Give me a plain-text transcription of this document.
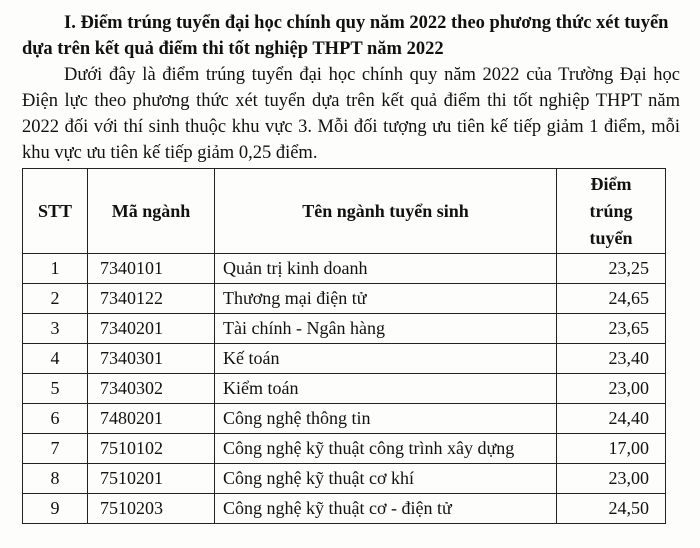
I. Điểm trúng tuyển đại học chính quy năm 2022 theo phương thức xét tuyển dựa trên kết quả điểm thi tốt nghiệp THPT năm 2022

Dưới đây là điểm trúng tuyển đại học chính quy năm 2022 của Trường Đại học Điện lực theo phương thức xét tuyển dựa trên kết quả điểm thi tốt nghiệp THPT năm 2022 đối với thí sinh thuộc khu vực 3. Mỗi đối tượng ưu tiên kế tiếp giảm 1 điểm, mỗi khu vực ưu tiên kế tiếp giảm 0,25 điểm.

STT	Mã ngành	Tên ngành tuyển sinh	Điểm
trúng
tuyển
1	7340101	Quản trị kinh doanh	23,25
2	7340122	Thương mại điện tử	24,65
3	7340201	Tài chính - Ngân hàng	23,65
4	7340301	Kế toán	23,40
5	7340302	Kiểm toán	23,00
6	7480201	Công nghệ thông tin	24,40
7	7510102	Công nghệ kỹ thuật công trình xây dựng	17,00
8	7510201	Công nghệ kỹ thuật cơ khí	23,00
9	7510203	Công nghệ kỹ thuật cơ - điện tử	24,50
